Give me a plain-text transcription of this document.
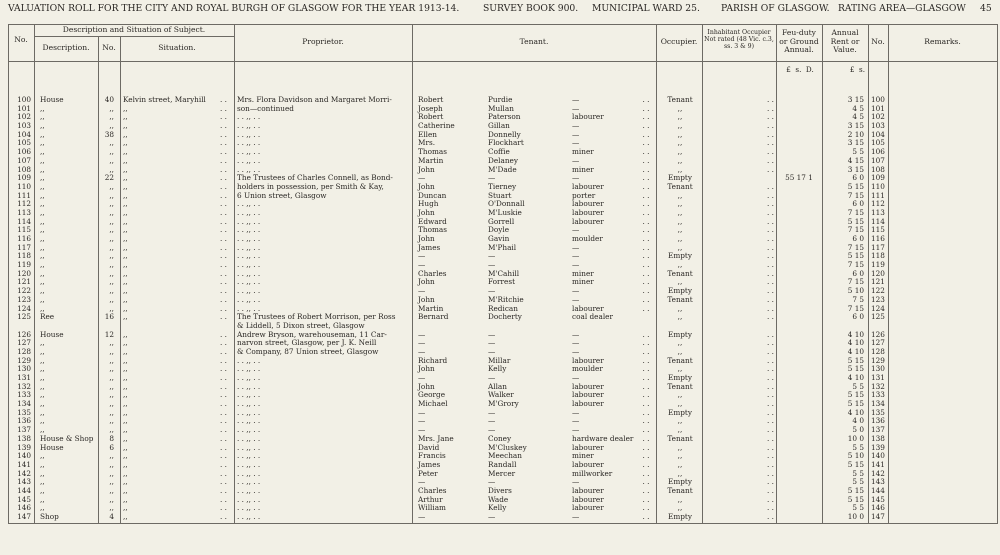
VALUATION ROLL FOR THE CITY AND ROYAL BURGH OF GLASGOW FOR THE YEAR 1913-14.	SURVEY BOOK 900. MUNICIPAL WARD 25. PARISH OF GLASGOW. RATING AREA—GLASGOW 45
No.
Description and Situation of Subject.
Description.	No.	Situation.
Proprietor.	Tenant.	Occupier.
Inhabitant Occupier Not rated (48 Vic. c.3, ss. 3 & 9)
Feu-duty or Ground Annual.
Annual Rent or Value.
No.	Remarks.
£  s.  D.	£  s.
100 House	40 Kelvin street, Maryhill	. .	Mrs. Flora Davidson and Margaret Morri-	Robert	Purdie	—	. .	Tenant	. .	3 15 100
101 ,,	,, ,,	. .	son—continued	Joseph	Mullan	—	. .	,,	. .	4 5 101
102 ,,	,, ,,	. .	. . ,, . .	Robert	Paterson	labourer	. .	,,	. .	4 5 102
103 ,,	,, ,,	. .	. . ,, . .	Catherine	Gillan	—	. .	,,	. .	3 15 103
104 ,,	38 ,,	. .	. . ,, . .	Ellen	Donnelly	—	. .	,,	. .	2 10 104
105 ,,	,, ,,	. .	. . ,, . .	Mrs.	Flockhart	—	. .	,,	. .	3 15 105
106 ,,	,, ,,	. .	. . ,, . .	Thomas	Coffie	miner	. .	,,	. .	5 5 106
107 ,,	,, ,,	. .	. . ,, . .	Martin	Delaney	—	. .	,,	. .	4 15 107
108 ,,	,, ,,	. .	. . ,, . .	John	M'Dade	miner	. .	,,	. .	3 15 108
109 ,,	22 ,,	. .	The Trustees of Charles Connell, as Bond-	—	—	—	. .	Empty	55 17 1	6 0 109
110 ,,	,, ,,	. .	holders in possession, per Smith & Kay,	John	Tierney	labourer	. .	Tenant	. .	5 15 110
111 ,,	,, ,,	. .	6 Union street, Glasgow	Duncan	Stuart	porter	. .	,,	. .	7 15 111
112 ,,	,, ,,	. .	. . ,, . .	Hugh	O'Donnall	labourer	. .	,,	. .	6 0 112
113 ,,	,, ,,	. .	. . ,, . .	John	M'Luskie	labourer	. .	,,	. .	7 15 113
114 ,,	,, ,,	. .	. . ,, . .	Edward	Gorrell	labourer	. .	,,	. .	5 15 114
115 ,,	,, ,,	. .	. . ,, . .	Thomas	Doyle	—	. .	,,	. .	7 15 115
116 ,,	,, ,,	. .	. . ,, . .	John	Gavin	moulder	. .	,,	. .	6 0 116
117 ,,	,, ,,	. .	. . ,, . .	James	M'Phail	—	. .	,,	. .	7 15 117
118 ,,	,, ,,	. .	. . ,, . .	—	—	—	. .	Empty	. .	5 15 118
119 ,,	,, ,,	. .	. . ,, . .	—	—	—	. .	,,	. .	7 15 119
120 ,,	,, ,,	. .	. . ,, . .	Charles	M'Cahill	miner	. .	Tenant	. .	6 0 120
121 ,,	,, ,,	. .	. . ,, . .	John	Forrest	miner	. .	,,	. .	7 15 121
122 ,,	,, ,,	. .	. . ,, . .	—	—	—	. .	Empty	. .	5 10 122
123 ,,	,, ,,	. .	. . ,, . .	John	M'Ritchie	—	. .	Tenant	. .	7 5 123
124 ,,	,, ,,	. .	. . ,, . .	Martin	Redican	labourer	. .	,,	. .	7 15 124
125 Ree	16 ,,	. .	The Trustees of Robert Morrison, per Ross	Bernard	Docherty	coal dealer	,,	. .	6 0 125
& Liddell, 5 Dixon street, Glasgow
126 House	12 ,,	. .	Andrew Bryson, warehouseman, 11 Car-	—	—	—	. .	Empty	. .	4 10 126
127 ,,	,, ,,	. .	narvon street, Glasgow, per J. K. Neill	—	—	—	. .	,,	. .	4 10 127
128 ,,	,, ,,	. .	& Company, 87 Union street, Glasgow	—	—	—	. .	,,	. .	4 10 128
129 ,,	,, ,,	. .	. . ,, . .	Richard	Millar	labourer	. .	Tenant	. .	5 15 129
130 ,,	,, ,,	. .	. . ,, . .	John	Kelly	moulder	. .	,,	. .	5 15 130
131 ,,	,, ,,	. .	. . ,, . .	—	—	—	. .	Empty	. .	4 10 131
132 ,,	,, ,,	. .	. . ,, . .	John	Allan	labourer	. .	Tenant	. .	5 5 132
133 ,,	,, ,,	. .	. . ,, . .	George	Walker	labourer	. .	,,	. .	5 15 133
134 ,,	,, ,,	. .	. . ,, . .	Michael	M'Grory	labourer	. .	,,	. .	5 15 134
135 ,,	,, ,,	. .	. . ,, . .	—	—	—	. .	Empty	. .	4 10 135
136 ,,	,, ,,	. .	. . ,, . .	—	—	—	. .	,,	. .	4 0 136
137 ,,	,, ,,	. .	. . ,, . .	—	—	—	. .	,,	. .	5 0 137
138 House & Shop	8 ,,	. .	. . ,, . .	Mrs. Jane	Coney	hardware dealer	. .	Tenant	. .	10 0 138
139 House	6 ,,	. .	. . ,, . .	David	M'Cluskey	labourer	. .	,,	. .	5 5 139
140 ,,	,, ,,	. .	. . ,, . .	Francis	Meechan	miner	. .	,,	. .	5 10 140
141 ,,	,, ,,	. .	. . ,, . .	James	Randall	labourer	. .	,,	. .	5 15 141
142 ,,	,, ,,	. .	. . ,, . .	Peter	Mercer	millworker	. .	,,	. .	5 5 142
143 ,,	,, ,,	. .	. . ,, . .	—	—	—	. .	Empty	. .	5 5 143
144 ,,	,, ,,	. .	. . ,, . .	Charles	Divers	labourer	. .	Tenant	. .	5 15 144
145 ,,	,, ,,	. .	. . ,, . .	Arthur	Wade	labourer	. .	,,	. .	5 15 145
146 ,,	,, ,,	. .	. . ,, . .	William	Kelly	labourer	. .	,,	. .	5 5 146
147 Shop	4 ,,	. .	. . ,, . .	—	—	—	. .	Empty	. .	10 0 147
